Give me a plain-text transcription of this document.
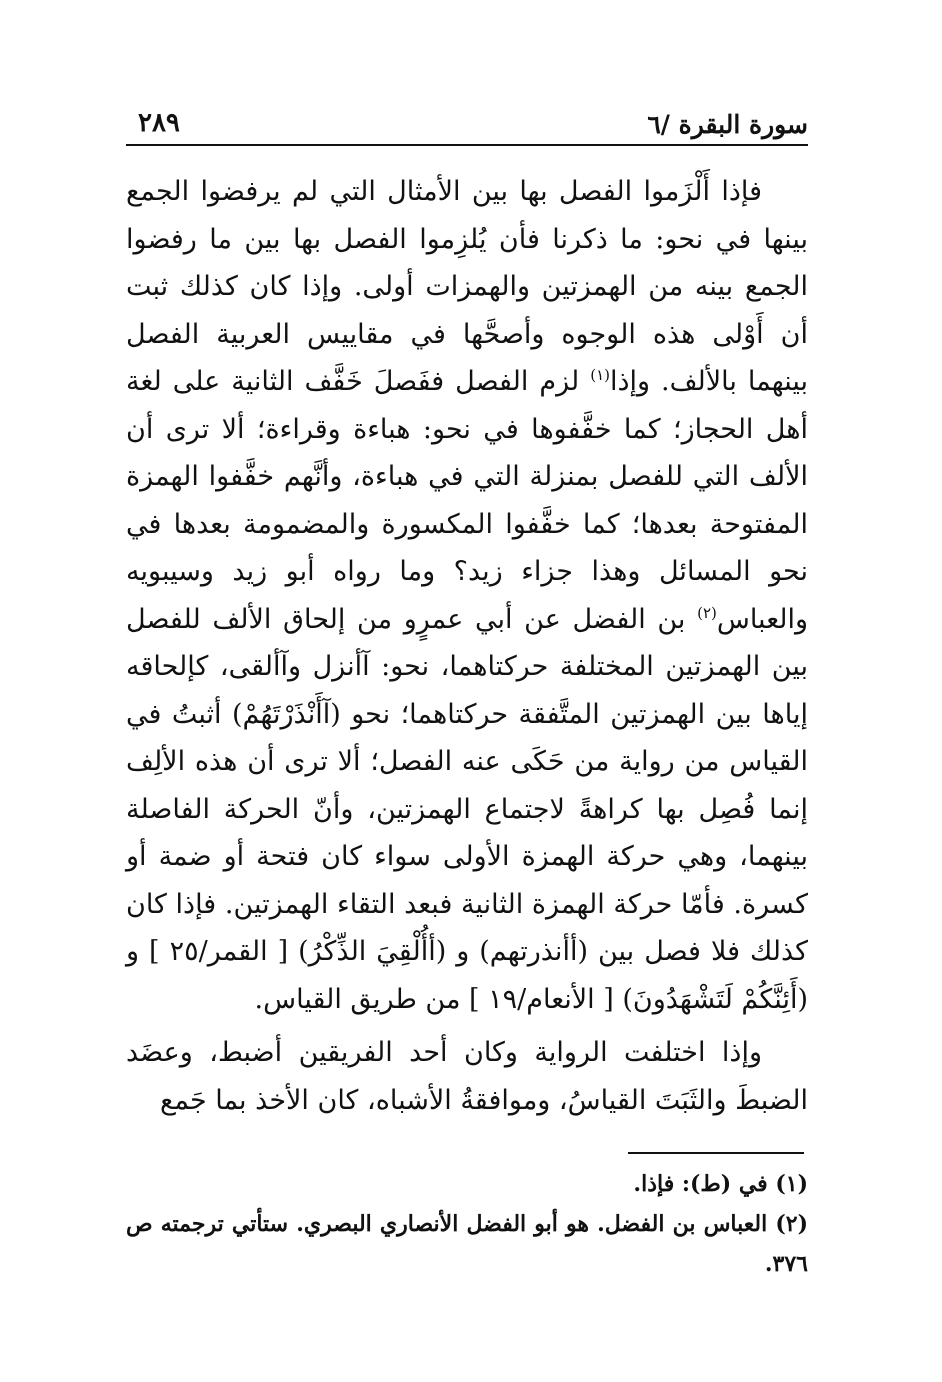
سورة البقرة /٦
٢٨٩

فإذا أَلْزَموا الفصل بها بين الأمثال التي لم يرفضوا الجمع بينها في نحو: ما ذكرنا فأن يُلزِموا الفصل بها بين ما رفضوا الجمع بينه من الهمزتين والهمزات أولى. وإذا كان كذلك ثبت أن أَوْلى هذه الوجوه وأصحَّها في مقاييس العربية الفصل بينهما بالألف. وإذا$^{(١)}$ لزم الفصل ففَصلَ خَفَّف الثانية على لغة أهل الحجاز؛ كما خفَّفوها في نحو: هباءة وقراءة؛ ألا ترى أن الألف التي للفصل بمنزلة التي في هباءة، وأنَّهم خفَّفوا الهمزة المفتوحة بعدها؛ كما خفَّفوا المكسورة والمضمومة بعدها في نحو المسائل وهذا جزاء زيد؟ وما رواه أبو زيد وسيبويه والعباس$^{(٢)}$ بن الفضل عن أبي عمرٍو من إلحاق الألف للفصل بين الهمزتين المختلفة حركتاهما، نحو: آأنزل وآألقى، كإلحاقه إياها بين الهمزتين المتَّفقة حركتاهما؛ نحو (آأَنْذَرْتَهُمْ) أثبتُ في القياس من رواية من حَكَى عنه الفصل؛ ألا ترى أن هذه الألِف إنما فُصِل بها كراهةً لاجتماع الهمزتين، وأنّ الحركة الفاصلة بينهما، وهي حركة الهمزة الأولى سواء كان فتحة أو ضمة أو كسرة. فأمّا حركة الهمزة الثانية فبعد التقاء الهمزتين. فإذا كان كذلك فلا فصل بين (أأنذرتهم) و (أأُلْقِيَ الذِّكْرُ) [ القمر/٢٥ ] و (أَئِنَّكُمْ لَتَشْهَدُونَ) [ الأنعام/١٩ ] من طريق القياس.

وإذا اختلفت الرواية وكان أحد الفريقين أضبط، وعضَد الضبطَ والثَبَتَ القياسُ، وموافقةُ الأشباه، كان الأخذ بما جَمع

(١) في (ط): فإذا.

(٢) العباس بن الفضل. هو أبو الفضل الأنصاري البصري. ستأتي ترجمته ص ٣٧٦.
